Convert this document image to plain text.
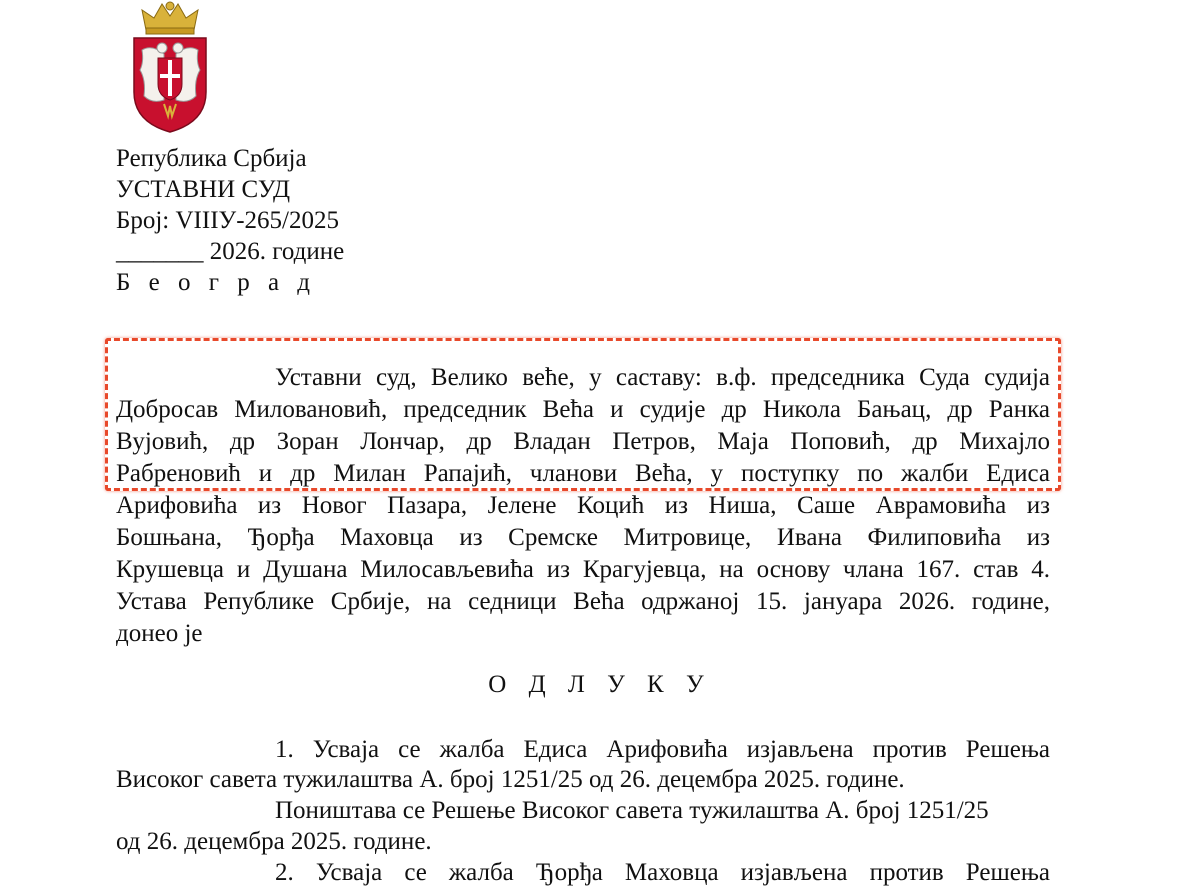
Република Србија
УСТАВНИ СУД
Број: VIIIУ-265/2025
_______ 2026. године
Б е о г р а д
Уставни суд, Велико веће, у саставу: в.ф. председника Суда судија
Добросав Миловановић, председник Већа и судије др Никола Бањац, др Ранка
Вујовић, др Зоран Лончар, др Владан Петров, Маја Поповић, др Михајло
Рабреновић и др Милан Рапајић, чланови Већа, у поступку по жалби Едиса
Арифовића из Новог Пазара, Јелене Коцић из Ниша, Саше Аврамовића из
Бошњана, Ђорђа Маховца из Сремске Митровице, Ивана Филиповића из
Крушевца и Душана Милосављевића из Крагујевца, на основу члана 167. став 4.
Устава Републике Србије, на седници Већа одржаној 15. јануара 2026. године,
донео је
О Д Л У К У
1. Усваја се жалба Едиса Арифовића изјављена против Решења
Високог савета тужилаштва А. број 1251/25 од 26. децембра 2025. године.
Поништава се Решење Високог савета тужилаштва А. број 1251/25
од 26. децембра 2025. године.
2. Усваја се жалба Ђорђа Маховца изјављена против Решења
